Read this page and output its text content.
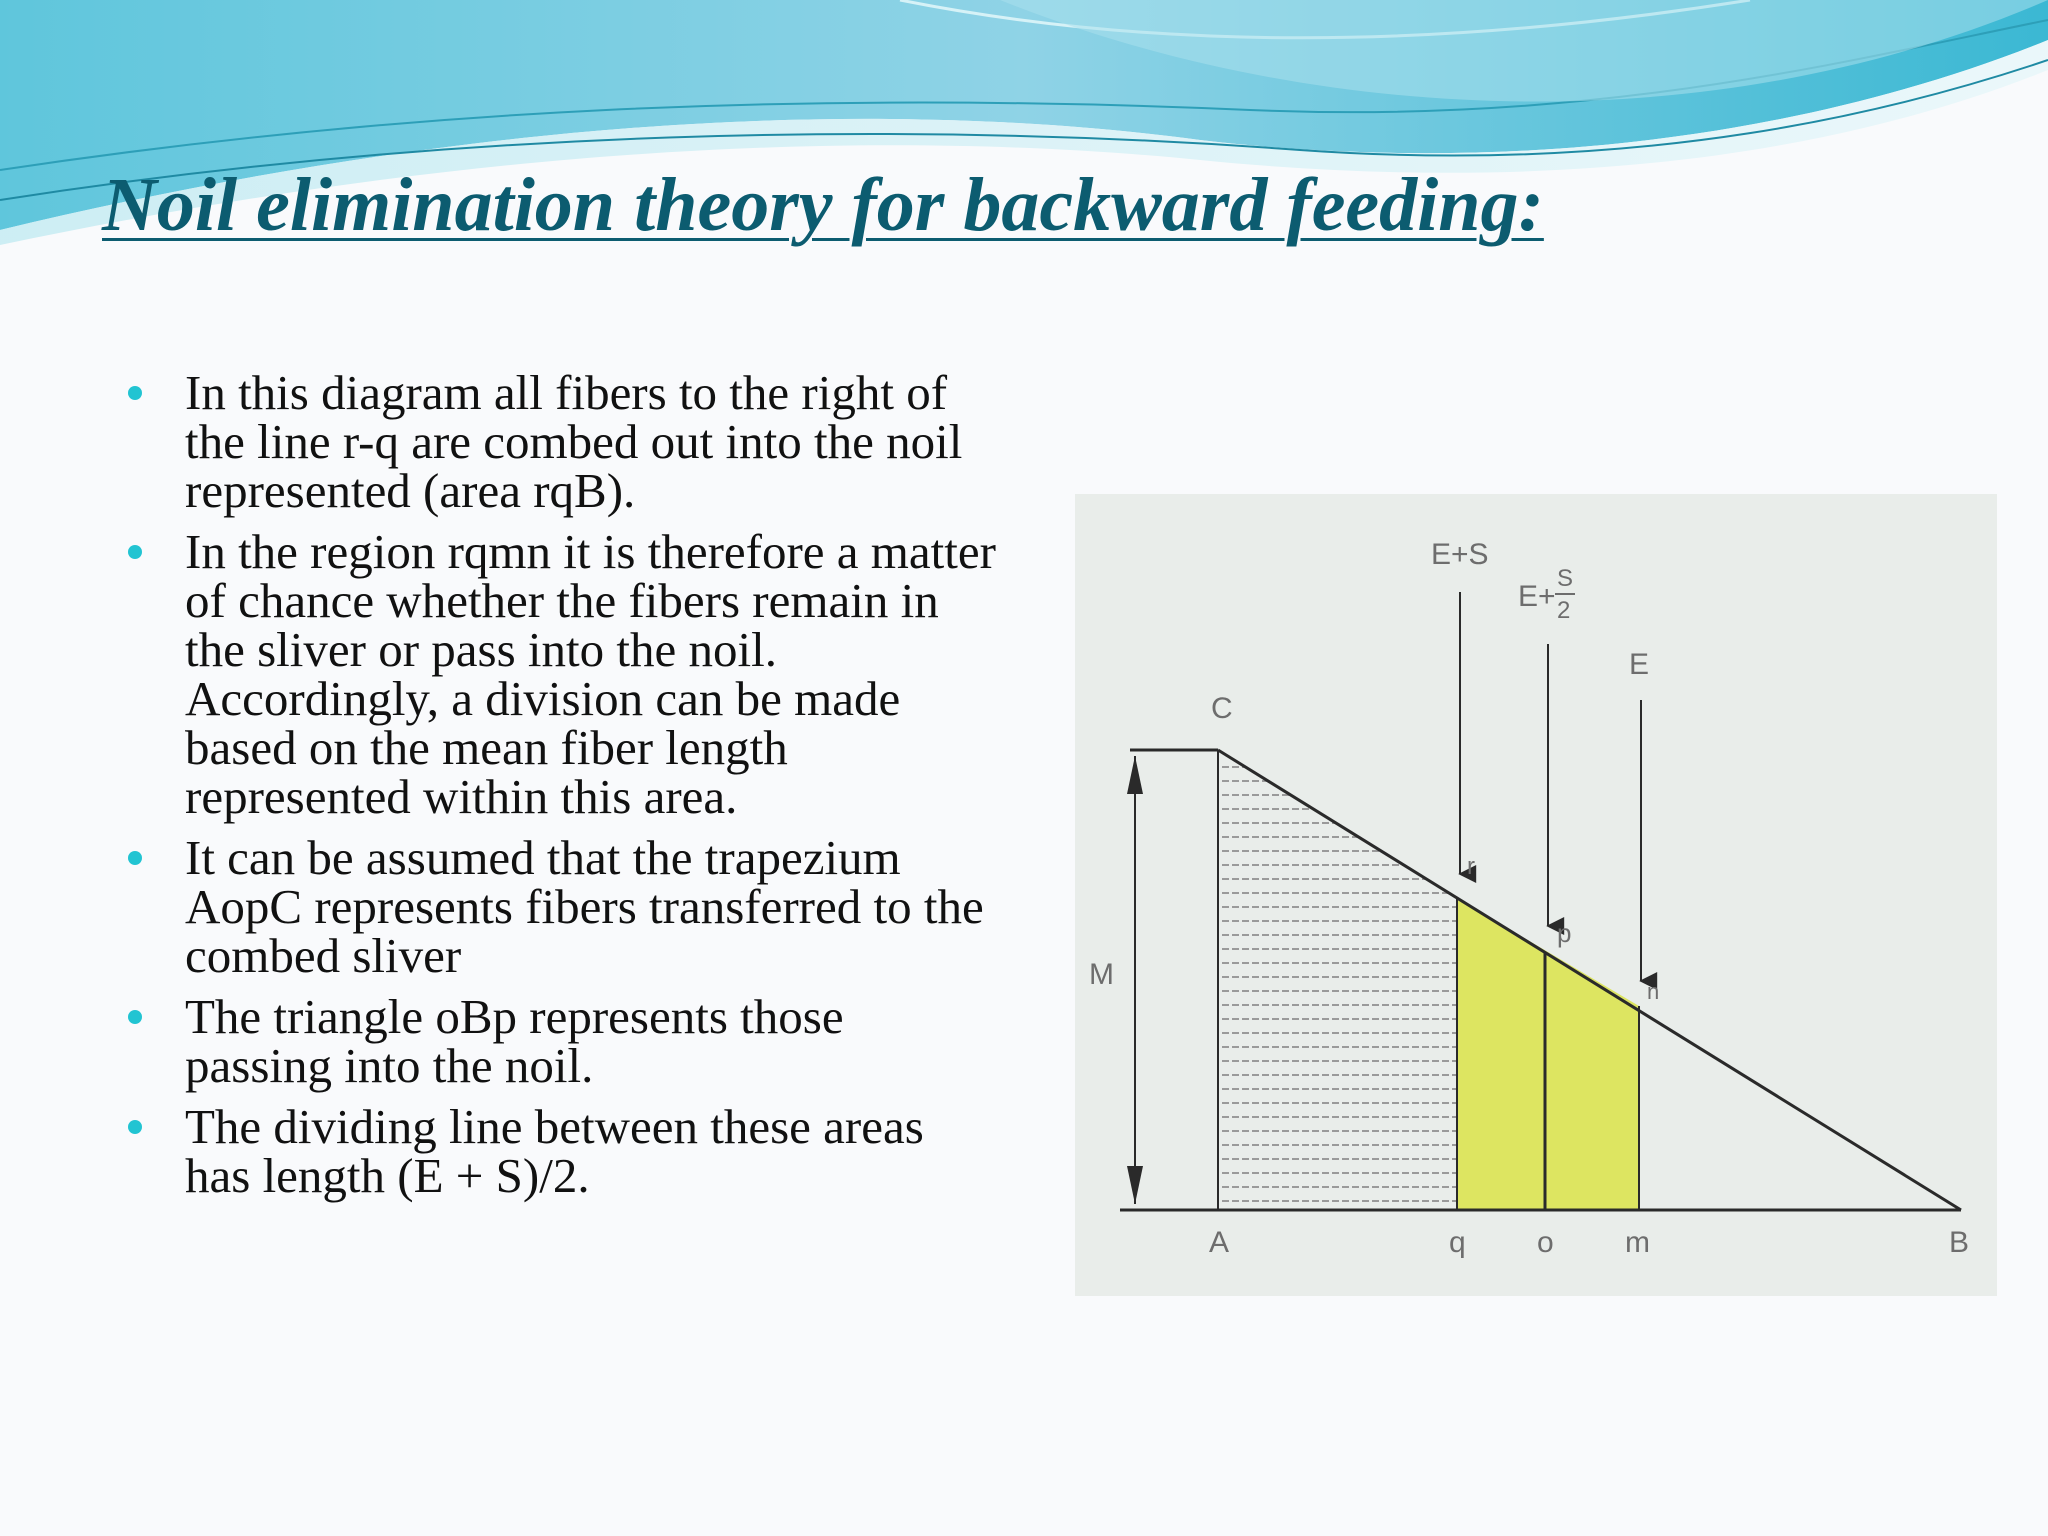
Noil elimination theory for backward feeding:
In this diagram all fibers to the right of the line r-q are combed out into the noil represented (area rqB).
In the region rqmn it is therefore a matter of chance whether the fibers remain in the sliver or pass into the noil. Accordingly, a division can be made based on the mean fiber length represented within this area.
It can be assumed that the trapezium AopC represents fibers transferred to the combed sliver
The triangle oBp represents those passing into the noil.
The dividing line between these areas has length (E + S)/2.
E+S
E+
S
2
E
C
M
r
p
n
A	q o m	B
